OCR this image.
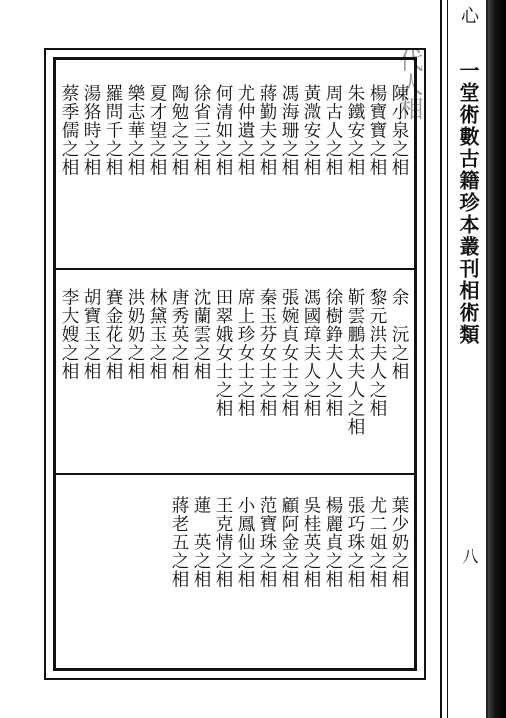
代人相
陳小泉之相
楊寶寶之相
朱鐵安之相
周古人之相
黃溦安之相
馮海珊之相
蔣勤夫之相
尤仲遺之相
何清如之相
徐省三之相
陶勉之之相
夏才望之相
樂志華之相
羅問千之相
湯狢時之相
蔡季儒之相
余　沅之相
黎元洪夫人之相
靳雲鵬太夫人之相
徐樹錚夫人之相
馮國璋夫人之相
張婉貞女士之相
秦玉芬女士之相
席上珍女士之相
田翠娥女士之相
沈蘭雲之相
唐秀英之相
林黛玉之相
洪奶奶之相
賽金花之相
胡寶玉之相
李大嫂之相
葉少奶之相
尤二姐之相
張巧珠之相
楊麗貞之相
吳桂英之相
顧阿金之相
范寶珠之相
小鳳仙之相
王克情之相
蓮　英之相
蔣老五之相
心
一堂術數古籍珍本叢刊相術類
八
